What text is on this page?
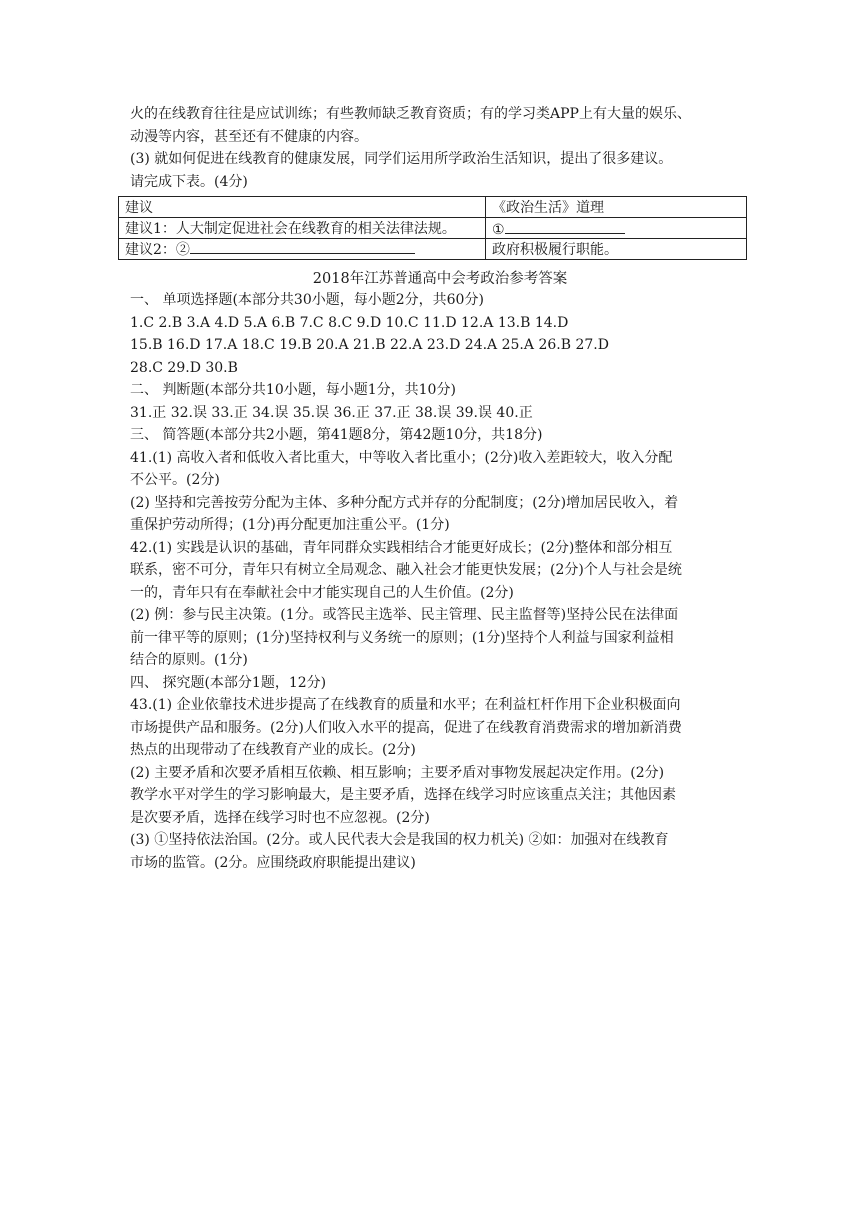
火的在线教育往往是应试训练；有些教师缺乏教育资质；有的学习类APP上有大量的娱乐、
动漫等内容，甚至还有不健康的内容。
(3) 就如何促进在线教育的健康发展，同学们运用所学政治生活知识，提出了很多建议。
请完成下表。(4分)
建议	《政治生活》道理
建议1：人大制定促进社会在线教育的相关法律法规。	①
建议2：②	政府积极履行职能。
2018年江苏普通高中会考政治参考答案
一、 单项选择题(本部分共30小题，每小题2分，共60分)
1.C 2.B 3.A 4.D 5.A 6.B 7.C 8.C 9.D 10.C 11.D 12.A 13.B 14.D
15.B 16.D 17.A 18.C 19.B 20.A 21.B 22.A 23.D 24.A 25.A 26.B 27.D
28.C 29.D 30.B
二、 判断题(本部分共10小题，每小题1分，共10分)
31.正 32.误 33.正 34.误 35.误 36.正 37.正 38.误 39.误 40.正
三、 简答题(本部分共2小题，第41题8分，第42题10分，共18分)
41.(1) 高收入者和低收入者比重大，中等收入者比重小；(2分)收入差距较大，收入分配
不公平。(2分)
(2) 坚持和完善按劳分配为主体、多种分配方式并存的分配制度；(2分)增加居民收入，着
重保护劳动所得；(1分)再分配更加注重公平。(1分)
42.(1) 实践是认识的基础，青年同群众实践相结合才能更好成长；(2分)整体和部分相互
联系，密不可分，青年只有树立全局观念、融入社会才能更快发展；(2分)个人与社会是统
一的，青年只有在奉献社会中才能实现自己的人生价值。(2分)
(2) 例：参与民主决策。(1分。或答民主选举、民主管理、民主监督等)坚持公民在法律面
前一律平等的原则；(1分)坚持权利与义务统一的原则；(1分)坚持个人利益与国家利益相
结合的原则。(1分)
四、 探究题(本部分1题，12分)
43.(1) 企业依靠技术进步提高了在线教育的质量和水平；在利益杠杆作用下企业积极面向
市场提供产品和服务。(2分)人们收入水平的提高，促进了在线教育消费需求的增加新消费
热点的出现带动了在线教育产业的成长。(2分)
(2) 主要矛盾和次要矛盾相互依赖、相互影响；主要矛盾对事物发展起决定作用。(2分)
教学水平对学生的学习影响最大，是主要矛盾，选择在线学习时应该重点关注；其他因素
是次要矛盾，选择在线学习时也不应忽视。(2分)
(3) ①坚持依法治国。(2分。或人民代表大会是我国的权力机关) ②如：加强对在线教育
市场的监管。(2分。应围绕政府职能提出建议)
